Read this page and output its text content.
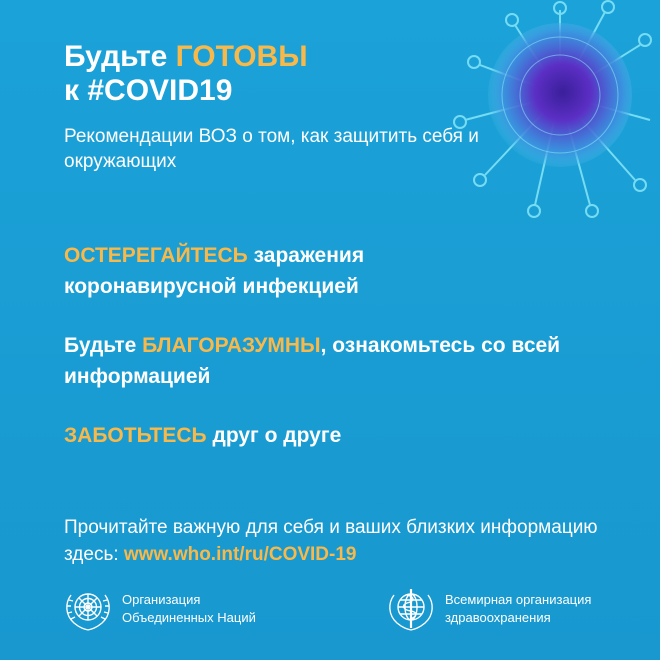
Будьте ГОТОВЫ
к #COVID19

Рекомендации ВОЗ о том, как защитить себя и окружающих

ОСТЕРЕГАЙТЕСЬ заражения коронавирусной инфекцией

Будьте БЛАГОРАЗУМНЫ, ознакомьтесь со всей информацией

ЗАБОТЬТЕСЬ друг о друге

Прочитайте важную для себя и ваших близких информацию здесь: www.who.int/ru/COVID-19

Организация
Объединенных Наций
Всемирная организация
здравоохранения
